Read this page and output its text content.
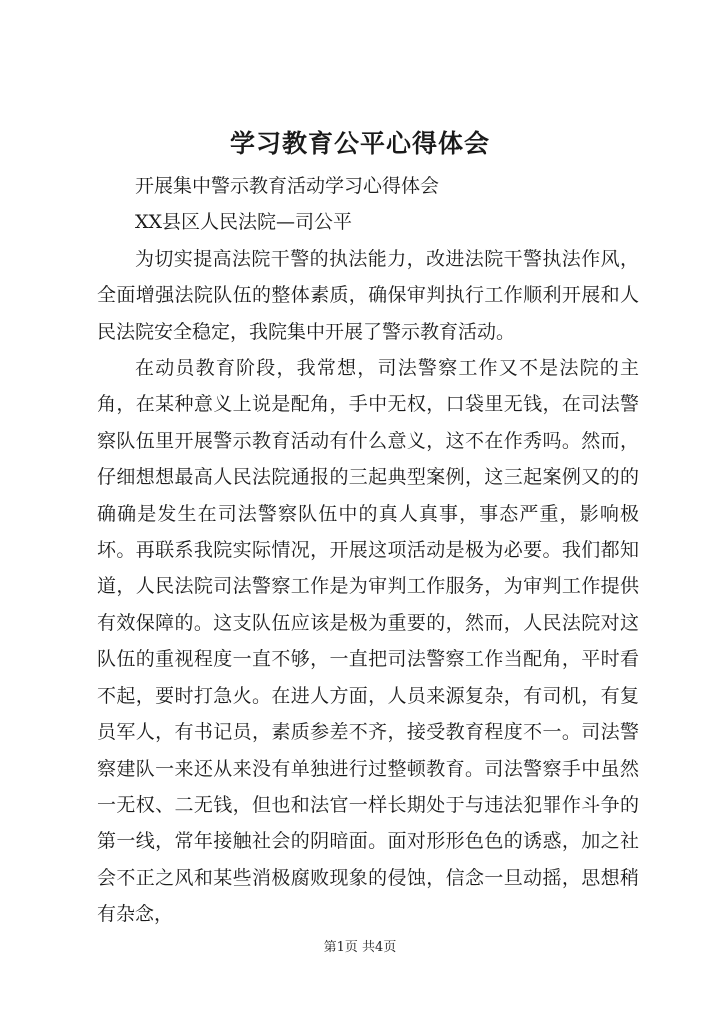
学习教育公平心得体会

开展集中警示教育活动学习心得体会

XX县区人民法院—司公平

为切实提高法院干警的执法能力，改进法院干警执法作风，全面增强法院队伍的整体素质，确保审判执行工作顺利开展和人民法院安全稳定，我院集中开展了警示教育活动。

在动员教育阶段，我常想，司法警察工作又不是法院的主角，在某种意义上说是配角，手中无权，口袋里无钱，在司法警察队伍里开展警示教育活动有什么意义，这不在作秀吗。然而，仔细想想最高人民法院通报的三起典型案例，这三起案例又的的确确是发生在司法警察队伍中的真人真事，事态严重，影响极坏。再联系我院实际情况，开展这项活动是极为必要。我们都知道，人民法院司法警察工作是为审判工作服务，为审判工作提供有效保障的。这支队伍应该是极为重要的，然而，人民法院对这队伍的重视程度一直不够，一直把司法警察工作当配角，平时看不起，要时打急火。在进人方面，人员来源复杂，有司机，有复员军人，有书记员，素质参差不齐，接受教育程度不一。司法警察建队一来还从来没有单独进行过整顿教育。司法警察手中虽然一无权、二无钱，但也和法官一样长期处于与违法犯罪作斗争的第一线，常年接触社会的阴暗面。面对形形色色的诱惑，加之社会不正之风和某些消极腐败现象的侵蚀，信念一旦动摇，思想稍有杂念，

第1页 共4页
